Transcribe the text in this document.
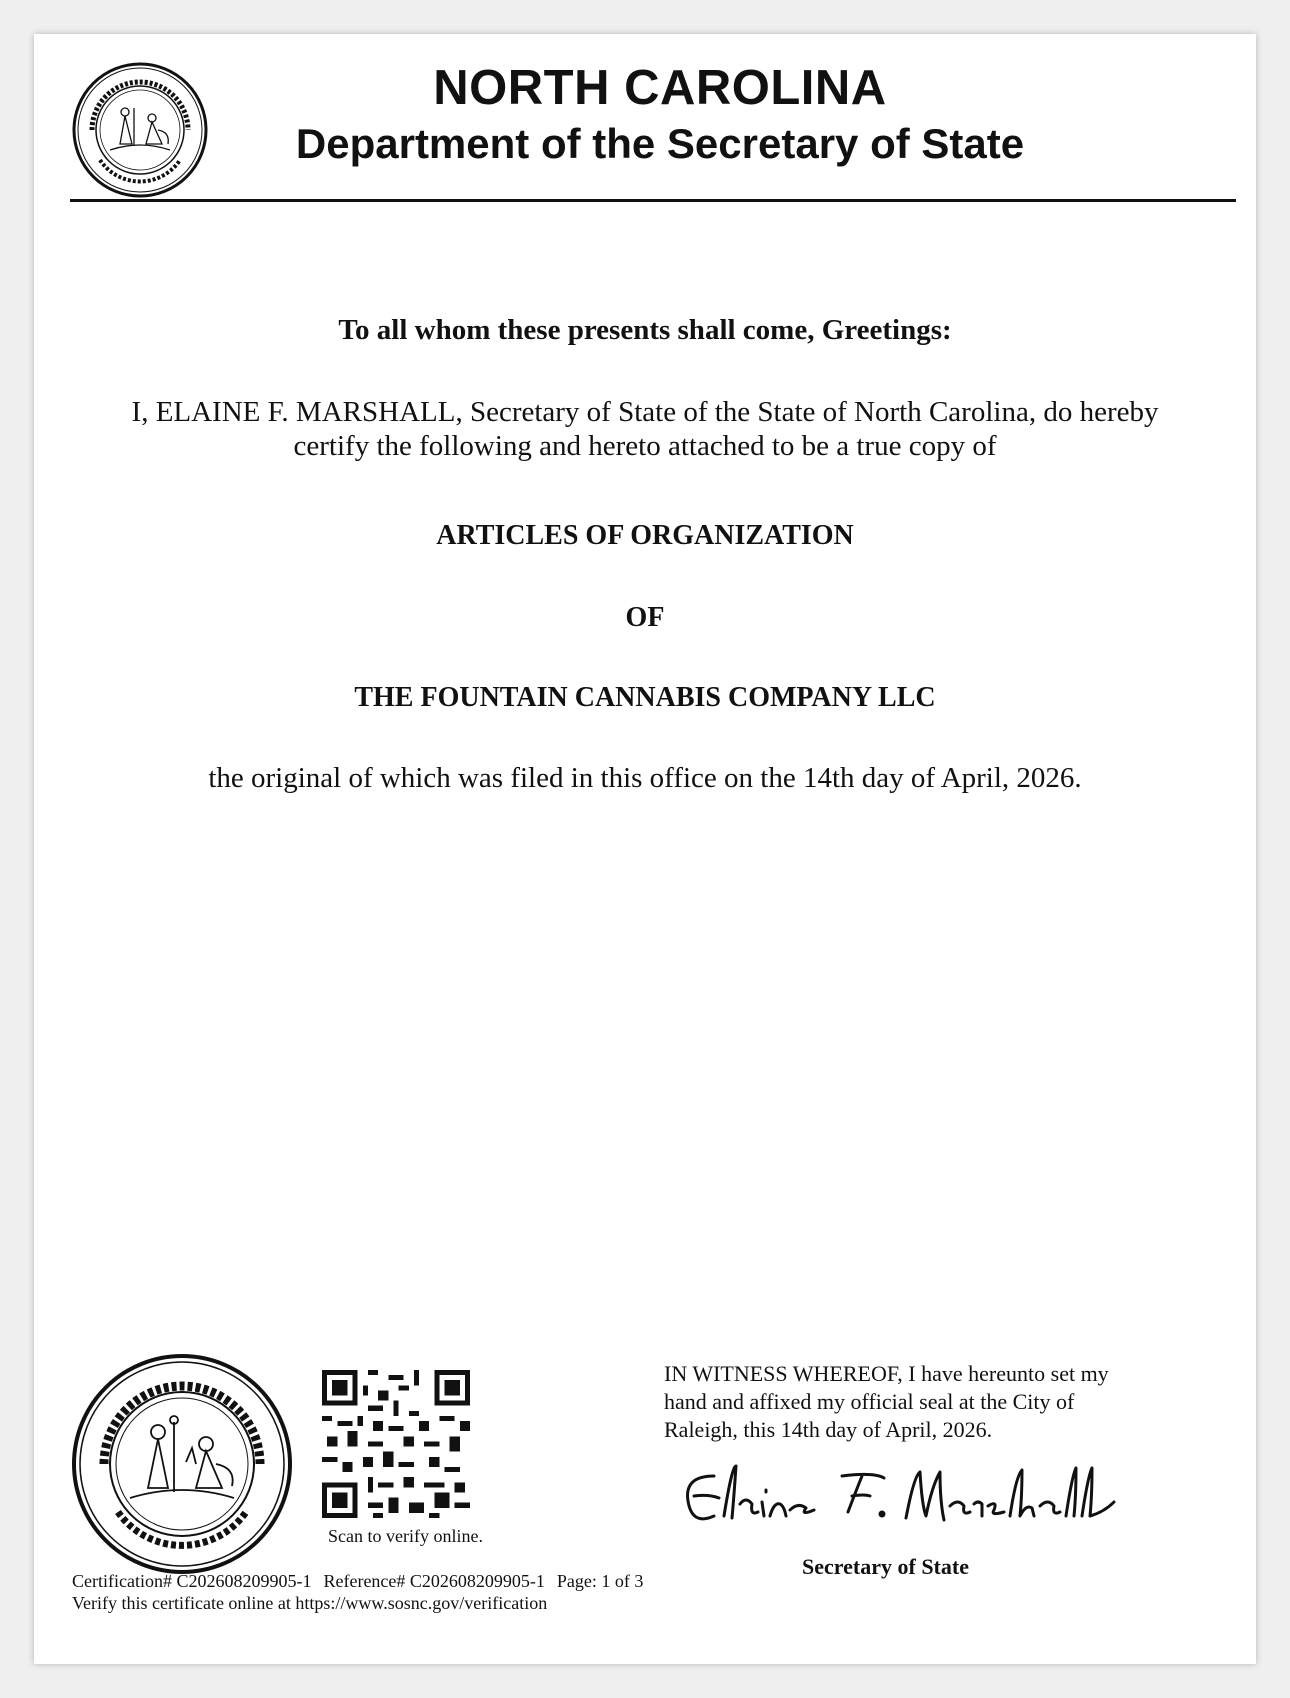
NORTH CAROLINA
Department of the Secretary of State

To all whom these presents shall come, Greetings:

I, ELAINE F. MARSHALL, Secretary of State of the State of North Carolina, do hereby

certify the following and hereto attached to be a true copy of

ARTICLES OF ORGANIZATION

OF

THE FOUNTAIN CANNABIS COMPANY LLC

the original of which was filed in this office on the 14th day of April, 2026.

Scan to verify online.

IN WITNESS WHEREOF, I have hereunto set my

hand and affixed my official seal at the City of

Raleigh, this 14th day of April, 2026.

Secretary of State

Certification# C202608209905-1 Reference# C202608209905-1 Page: 1 of 3
Verify this certificate online at https://www.sosnc.gov/verification
